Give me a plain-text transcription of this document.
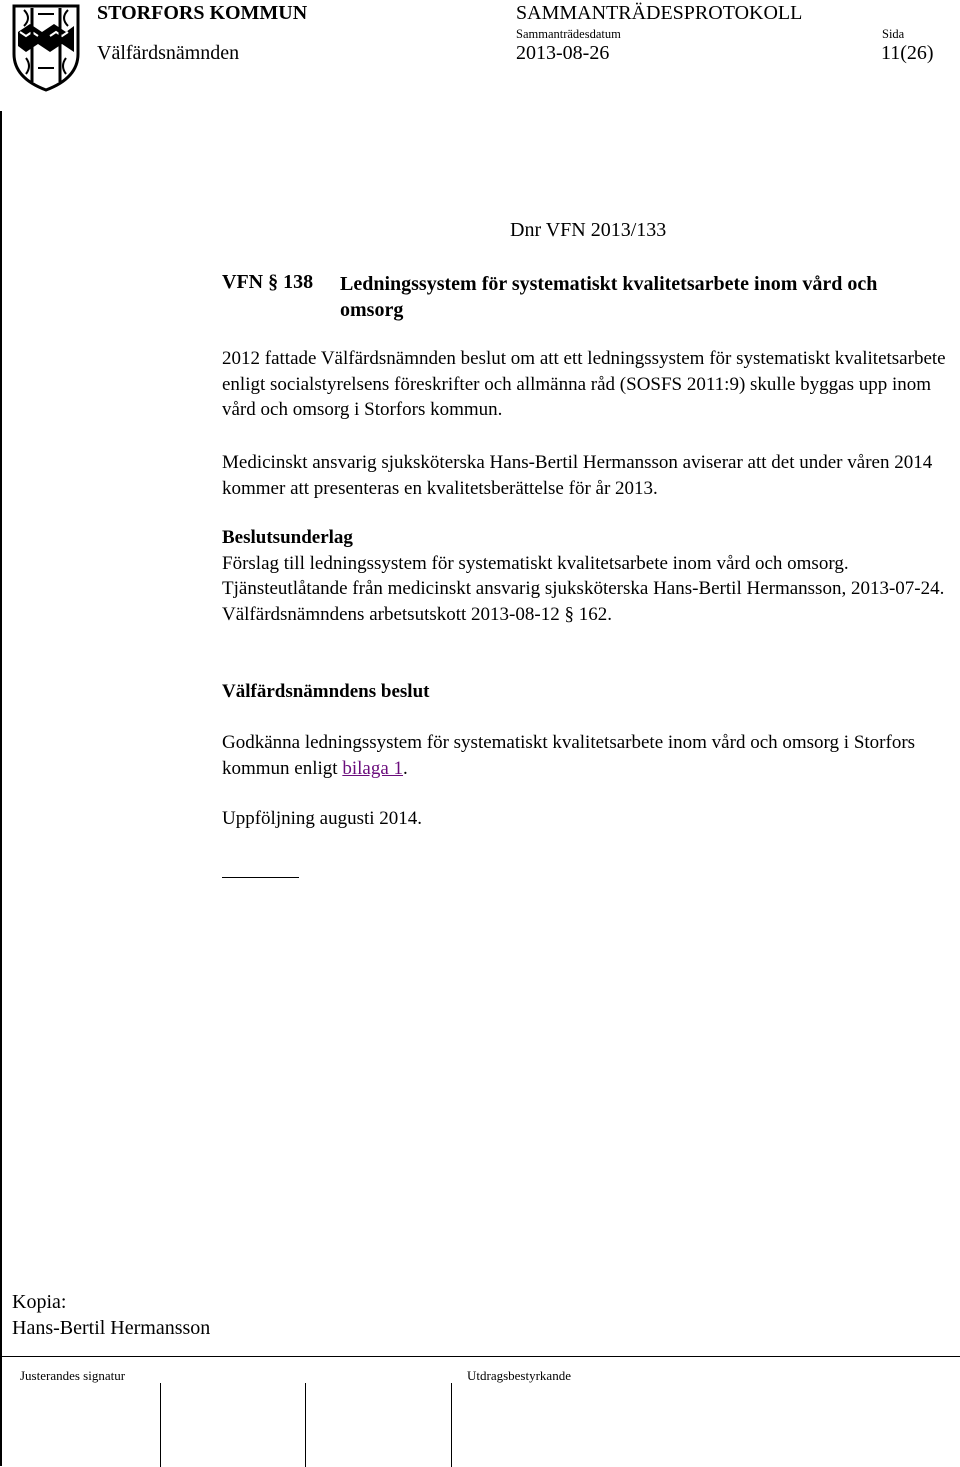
STORFORS KOMMUN	SAMMANTRÄDESPROTOKOLL
Sammanträdesdatum	Sida
Välfärdsnämnden	2013-08-26	11(26)
Dnr VFN 2013/133
VFN § 138 Ledningssystem för systematiskt kvalitetsarbete inom vård och omsorg

2012 fattade Välfärdsnämnden beslut om att ett ledningssystem för systematiskt kvalitetsarbete enligt socialstyrelsens föreskrifter och allmänna råd (SOSFS 2011:9) skulle byggas upp inom vård och omsorg i Storfors kommun.

Medicinskt ansvarig sjuksköterska Hans-Bertil Hermansson aviserar att det under våren 2014 kommer att presenteras en kvalitetsberättelse för år 2013.

Beslutsunderlag

Förslag till ledningssystem för systematiskt kvalitetsarbete inom vård och omsorg.

Tjänsteutlåtande från medicinskt ansvarig sjuksköterska Hans-Bertil Hermansson, 2013-07-24.

Välfärdsnämndens arbetsutskott 2013-08-12 § 162.

Välfärdsnämndens beslut

Godkänna ledningssystem för systematiskt kvalitetsarbete inom vård och omsorg i Storfors kommun enligt bilaga 1.

Uppföljning augusti 2014.

Kopia:
Hans-Bertil Hermansson
Justerandes signatur	Utdragsbestyrkande
